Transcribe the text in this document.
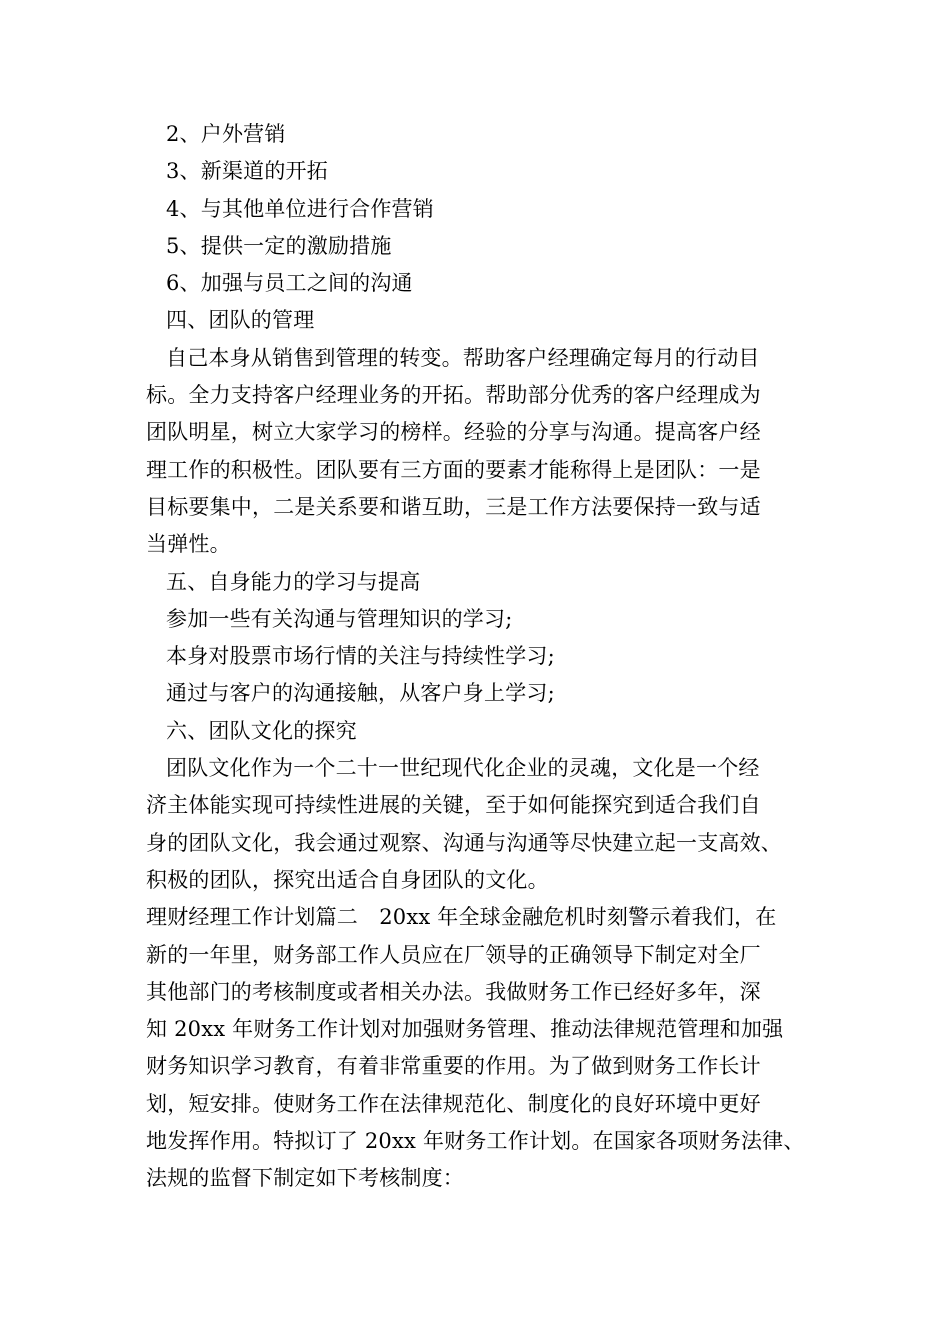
2、户外营销
3、新渠道的开拓
4、与其他单位进行合作营销
5、提供一定的激励措施
6、加强与员工之间的沟通
四、团队的管理
自己本身从销售到管理的转变。帮助客户经理确定每月的行动目
标。全力支持客户经理业务的开拓。帮助部分优秀的客户经理成为
团队明星，树立大家学习的榜样。经验的分享与沟通。提高客户经
理工作的积极性。团队要有三方面的要素才能称得上是团队：一是
目标要集中，二是关系要和谐互助，三是工作方法要保持一致与适
当弹性。
五、自身能力的学习与提高
参加一些有关沟通与管理知识的学习;
本身对股票市场行情的关注与持续性学习;
通过与客户的沟通接触，从客户身上学习;
六、团队文化的探究
团队文化作为一个二十一世纪现代化企业的灵魂，文化是一个经
济主体能实现可持续性进展的关键，至于如何能探究到适合我们自
身的团队文化，我会通过观察、沟通与沟通等尽快建立起一支高效、
积极的团队，探究出适合自身团队的文化。
理财经理工作计划篇二　20xx 年全球金融危机时刻警示着我们，在
新的一年里，财务部工作人员应在厂领导的正确领导下制定对全厂
其他部门的考核制度或者相关办法。我做财务工作已经好多年，深
知 20xx 年财务工作计划对加强财务管理、推动法律规范管理和加强
财务知识学习教育，有着非常重要的作用。为了做到财务工作长计
划，短安排。使财务工作在法律规范化、制度化的良好环境中更好
地发挥作用。特拟订了 20xx 年财务工作计划。在国家各项财务法律、
法规的监督下制定如下考核制度：
